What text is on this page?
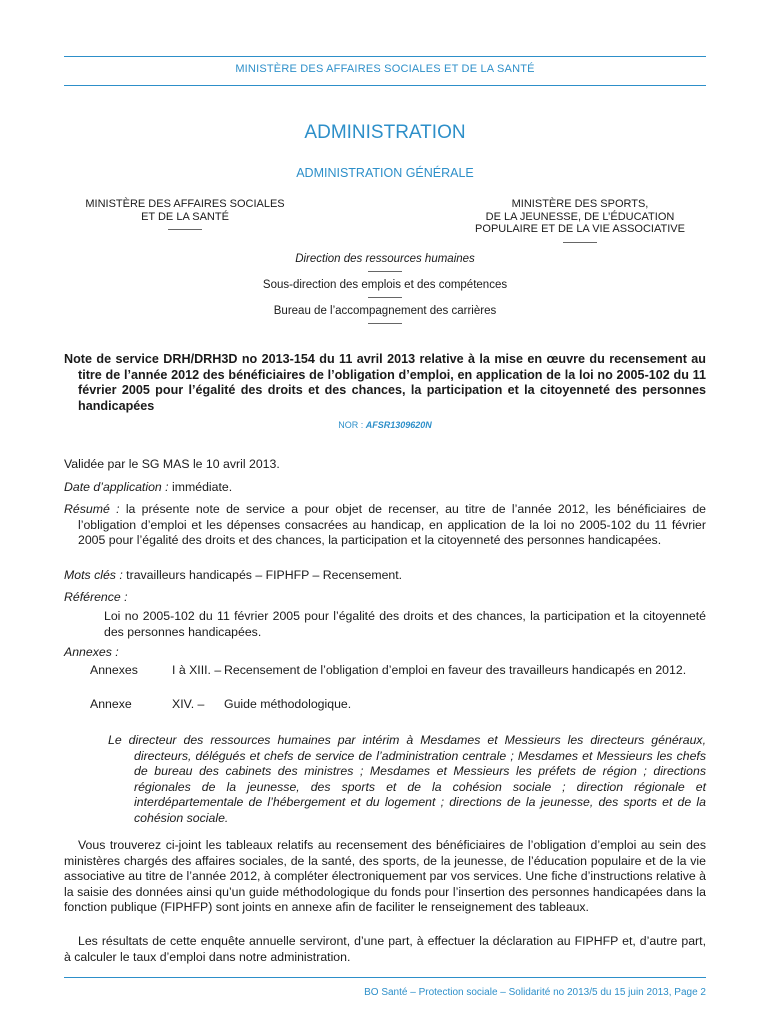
MINISTÈRE DES AFFAIRES SOCIALES ET DE LA SANTÉ
ADMINISTRATION
ADMINISTRATION GÉNÉRALE
MINISTÈRE DES AFFAIRES SOCIALES
ET DE LA SANTÉ
MINISTÈRE DES SPORTS,
DE LA JEUNESSE, DE L’ÉDUCATION
POPULAIRE ET DE LA VIE ASSOCIATIVE
Direction des ressources humaines
Sous-direction des emplois et des compétences
Bureau de l’accompagnement des carrières
Note de service DRH/DRH3D no 2013-154 du 11 avril 2013 relative à la mise en œuvre du recensement au titre de l’année 2012 des bénéficiaires de l’obligation d’emploi, en application de la loi no 2005-102 du 11 février 2005 pour l’égalité des droits et des chances, la participation et la citoyenneté des personnes handicapées
NOR : AFSR1309620N
Validée par le SG MAS le 10 avril 2013.
Date d’application : immédiate.
Résumé : la présente note de service a pour objet de recenser, au titre de l’année 2012, les bénéficiaires de l’obligation d’emploi et les dépenses consacrées au handicap, en application de la loi no 2005-102 du 11 février 2005 pour l’égalité des droits et des chances, la participation et la citoyenneté des personnes handicapées.
Mots clés : travailleurs handicapés – FIPHFP – Recensement.
Référence :
Loi no 2005-102 du 11 février 2005 pour l’égalité des droits et des chances, la participation et la citoyenneté des personnes handicapées.
Annexes :
Annexes	I à XIII. – Recensement de l’obligation d’emploi en faveur des travailleurs handicapés en 2012.
Annexe	XIV. –	Guide méthodologique.
Le directeur des ressources humaines par intérim à Mesdames et Messieurs les directeurs généraux, directeurs, délégués et chefs de service de l’administration centrale ; Mesdames et Messieurs les chefs de bureau des cabinets des ministres ; Mesdames et Messieurs les préfets de région ; directions régionales de la jeunesse, des sports et de la cohésion sociale ; direction régionale et interdépartementale de l’hébergement et du logement ; directions de la jeunesse, des sports et de la cohésion sociale.
Vous trouverez ci-joint les tableaux relatifs au recensement des bénéficiaires de l’obligation d’emploi au sein des ministères chargés des affaires sociales, de la santé, des sports, de la jeunesse, de l’éducation populaire et de la vie associative au titre de l’année 2012, à compléter électroniquement par vos services. Une fiche d’instructions relative à la saisie des données ainsi qu’un guide méthodologique du fonds pour l’insertion des personnes handicapées dans la fonction publique (FIPHFP) sont joints en annexe afin de faciliter le renseignement des tableaux.
Les résultats de cette enquête annuelle serviront, d’une part, à effectuer la déclaration au FIPHFP et, d’autre part, à calculer le taux d’emploi dans notre administration.
BO Santé – Protection sociale – Solidarité no 2013/5 du 15 juin 2013, Page 2
